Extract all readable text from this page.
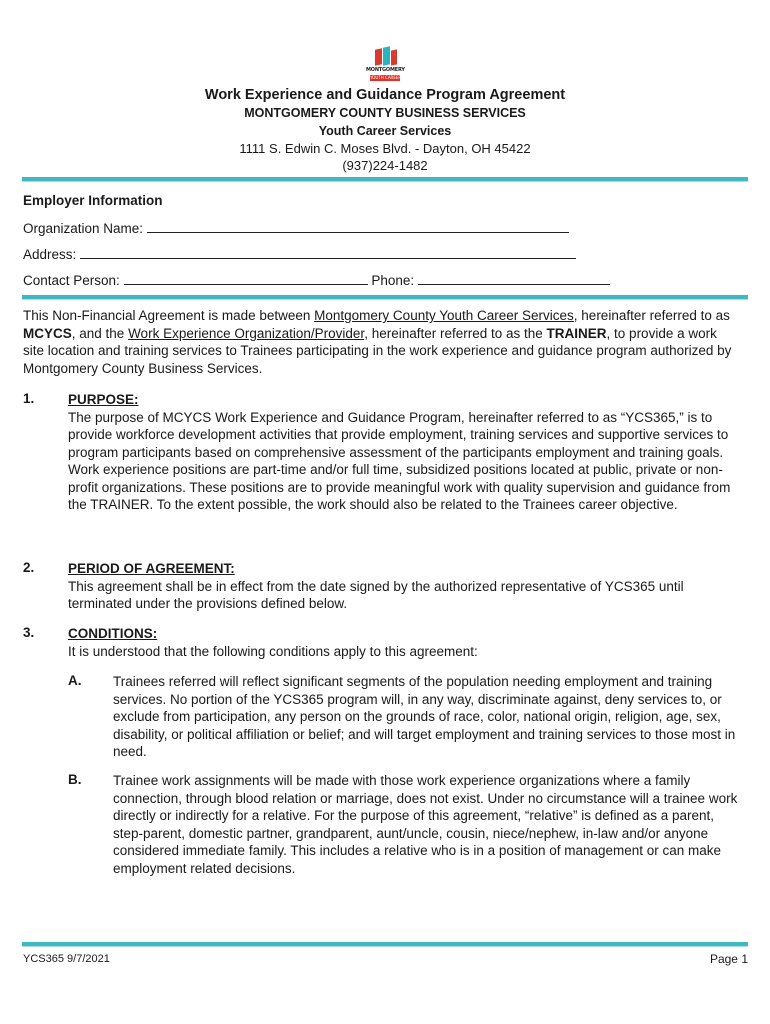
MONTGOMERY
YOUTH CAREER SERVICES
Work Experience and Guidance Program Agreement
MONTGOMERY COUNTY BUSINESS SERVICES
Youth Career Services
1111 S. Edwin C. Moses Blvd. - Dayton, OH 45422
(937)224-1482
Employer Information
Organization Name:
Address:
Contact Person:	Phone:
This Non-Financial Agreement is made between Montgomery County Youth Career Services, hereinafter referred to as MCYCS, and the Work Experience Organization/Provider, hereinafter referred to as the TRAINER, to provide a work site location and training services to Trainees participating in the work experience and guidance program authorized by Montgomery County Business Services.
1. PURPOSE:
The purpose of MCYCS Work Experience and Guidance Program, hereinafter referred to as “YCS365,” is to provide workforce development activities that provide employment, training services and supportive services to program participants based on comprehensive assessment of the participants employment and training goals.
Work experience positions are part-time and/or full time, subsidized positions located at public, private or non-profit organizations. These positions are to provide meaningful work with quality supervision and guidance from the TRAINER. To the extent possible, the work should also be related to the Trainees career objective.
2. PERIOD OF AGREEMENT:
This agreement shall be in effect from the date signed by the authorized representative of YCS365 until terminated under the provisions defined below.
3. CONDITIONS:
It is understood that the following conditions apply to this agreement:
A. Trainees referred will reflect significant segments of the population needing employment and training services. No portion of the YCS365 program will, in any way, discriminate against, deny services to, or exclude from participation, any person on the grounds of race, color, national origin, religion, age, sex, disability, or political affiliation or belief; and will target employment and training services to those most in need.
B. Trainee work assignments will be made with those work experience organizations where a family connection, through blood relation or marriage, does not exist. Under no circumstance will a trainee work directly or indirectly for a relative. For the purpose of this agreement, “relative” is defined as a parent, step-parent, domestic partner, grandparent, aunt/uncle, cousin, niece/nephew, in-law and/or anyone considered immediate family. This includes a relative who is in a position of management or can make employment related decisions.
YCS365 9/7/2021	Page 1
